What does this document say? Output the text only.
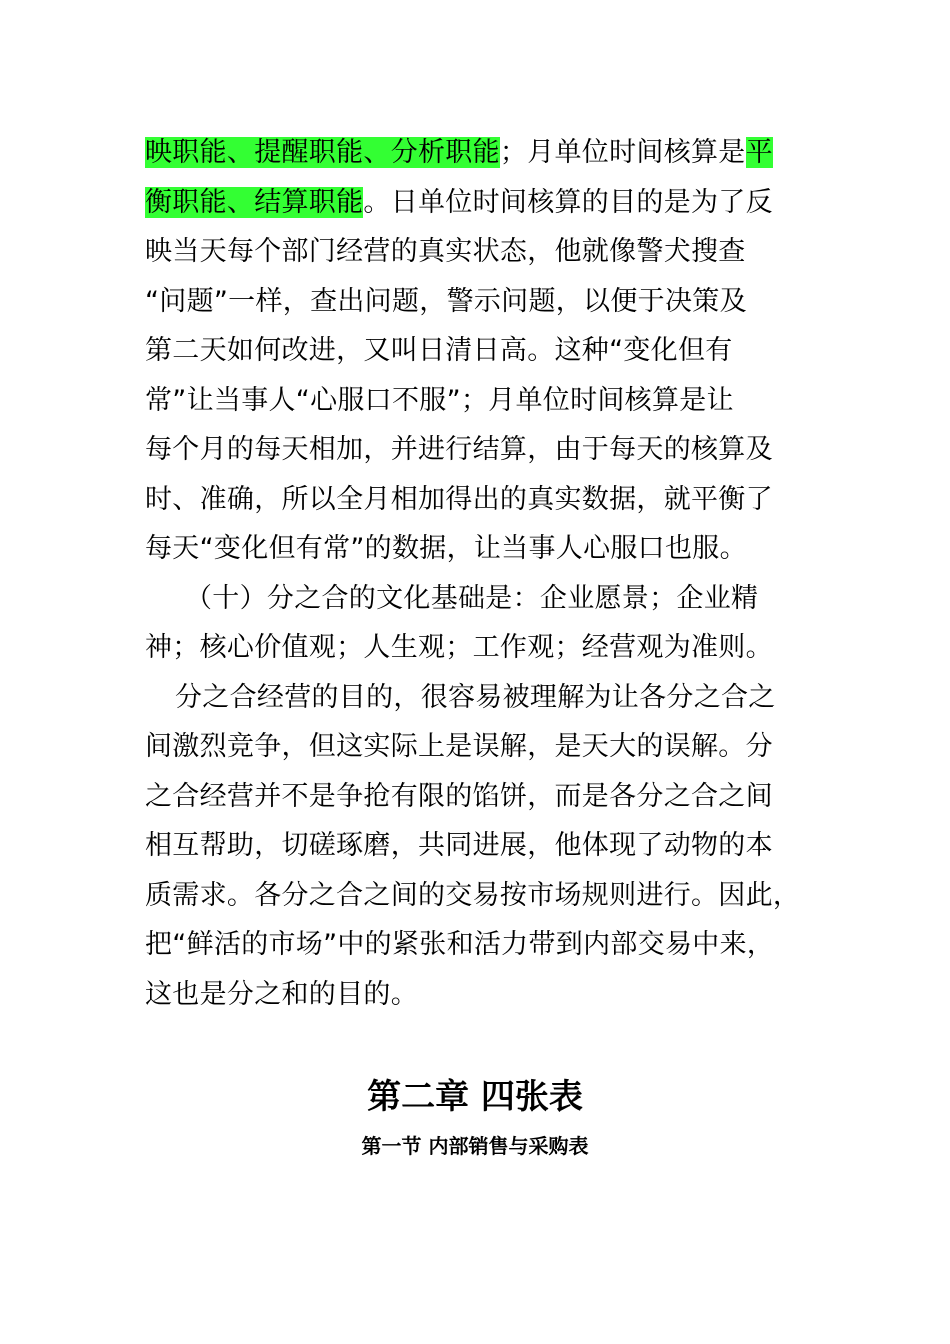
映职能、提醒职能、分析职能；月单位时间核算是平
衡职能、结算职能。日单位时间核算的目的是为了反
映当天每个部门经营的真实状态，他就像警犬搜查
“问题”一样，查出问题，警示问题，以便于决策及
第二天如何改进，又叫日清日高。这种“变化但有
常”让当事人“心服口不服”；月单位时间核算是让
每个月的每天相加，并进行结算，由于每天的核算及
时、准确，所以全月相加得出的真实数据，就平衡了
每天“变化但有常”的数据，让当事人心服口也服。
（十）分之合的文化基础是：企业愿景；企业精
神；核心价值观；人生观；工作观；经营观为准则。
分之合经营的目的，很容易被理解为让各分之合之
间激烈竞争，但这实际上是误解，是天大的误解。分
之合经营并不是争抢有限的馅饼，而是各分之合之间
相互帮助，切磋琢磨，共同进展，他体现了动物的本
质需求。各分之合之间的交易按市场规则进行。因此，
把“鲜活的市场”中的紧张和活力带到内部交易中来，
这也是分之和的目的。
第二章 四张表
第一节 内部销售与采购表
